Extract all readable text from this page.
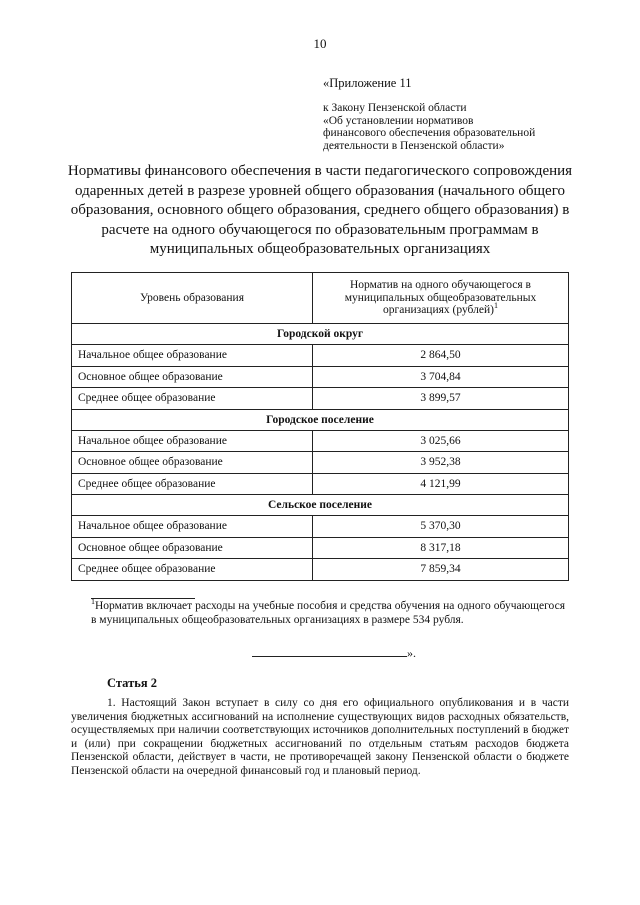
10
«Приложение 11
к Закону Пензенской области
«Об установлении нормативов
финансового обеспечения образовательной
деятельности в Пензенской области»
Нормативы финансового обеспечения в части педагогического сопровождения одаренных детей в разрезе уровней общего образования (начального общего образования, основного общего образования, среднего общего образования) в расчете на одного обучающегося по образовательным программам в муниципальных общеобразовательных организациях
Уровень образования	Норматив на одного обучающегося в муниципальных общеобразовательных организациях (рублей)$^1$
Городской округ	
Начальное общее образование	2 864,50
Основное общее образование	3 704,84
Среднее общее образование	3 899,57
Городское поселение	
Начальное общее образование	3 025,66
Основное общее образование	3 952,38
Среднее общее образование	4 121,99
Сельское поселение	
Начальное общее образование	5 370,30
Основное общее образование	8 317,18
Среднее общее образование	7 859,34
$^1$Норматив включает расходы на учебные пособия и средства обучения на одного обучающегося в муниципальных общеобразовательных организациях в размере 534 рубля.
».
Статья 2
1. Настоящий Закон вступает в силу со дня его официального опубликования и в части увеличения бюджетных ассигнований на исполнение существующих видов расходных обязательств, осуществляемых при наличии соответствующих источников дополнительных поступлений в бюджет и (или) при сокращении бюджетных ассигнований по отдельным статьям расходов бюджета Пензенской области, действует в части, не противоречащей закону Пензенской области о бюджете Пензенской области на очередной финансовый год и плановый период.
